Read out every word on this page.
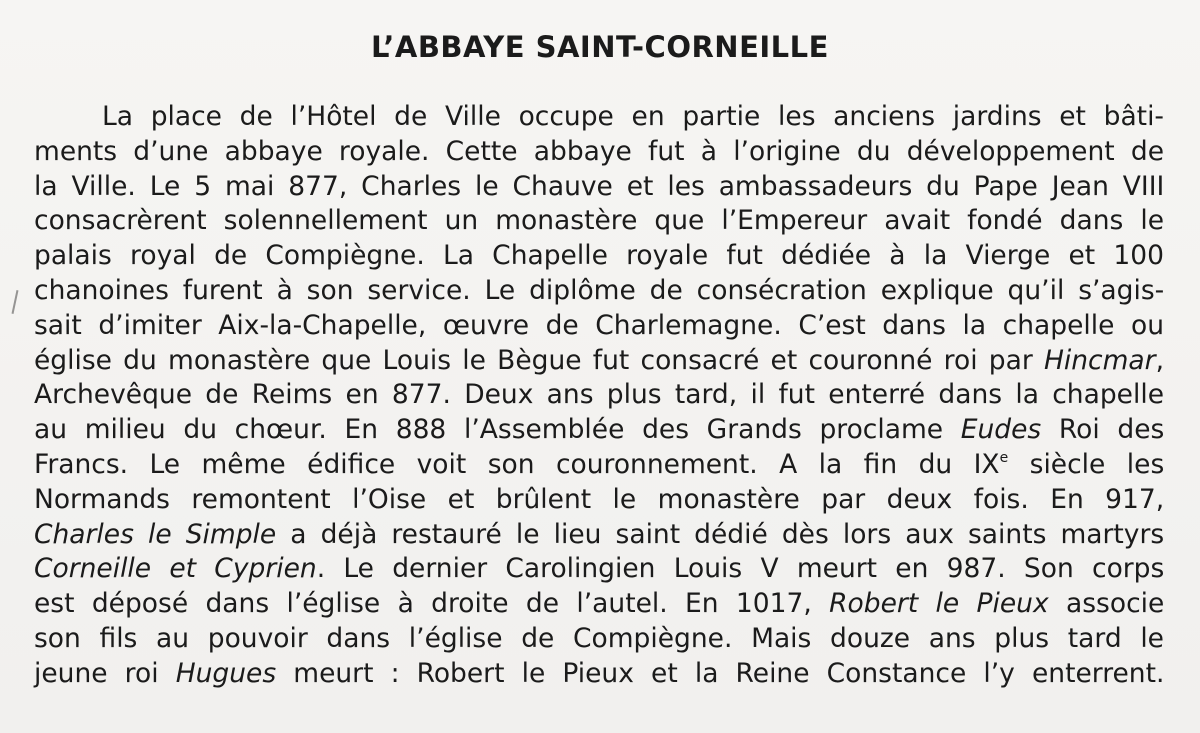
L’ABBAYE SAINT-CORNEILLE
La place de l’Hôtel de Ville occupe en partie les anciens jardins et bâti-
ments d’une abbaye royale. Cette abbaye fut à l’origine du développement de
la Ville. Le 5 mai 877, Charles le Chauve et les ambassadeurs du Pape Jean VIII
consacrèrent solennellement un monastère que l’Empereur avait fondé dans le
palais royal de Compiègne. La Chapelle royale fut dédiée à la Vierge et 100
chanoines furent à son service. Le diplôme de consécration explique qu’il s’agis-
sait d’imiter Aix-la-Chapelle, œuvre de Charlemagne. C’est dans la chapelle ou
église du monastère que Louis le Bègue fut consacré et couronné roi par Hincmar,
Archevêque de Reims en 877. Deux ans plus tard, il fut enterré dans la chapelle
au milieu du chœur. En 888 l’Assemblée des Grands proclame Eudes Roi des
Francs. Le même édifice voit son couronnement. A la fin du IXe siècle les
Normands remontent l’Oise et brûlent le monastère par deux fois. En 917,
Charles le Simple a déjà restauré le lieu saint dédié dès lors aux saints martyrs
Corneille et Cyprien. Le dernier Carolingien Louis V meurt en 987. Son corps
est déposé dans l’église à droite de l’autel. En 1017, Robert le Pieux associe
son fils au pouvoir dans l’église de Compiègne. Mais douze ans plus tard le
jeune roi Hugues meurt : Robert le Pieux et la Reine Constance l’y enterrent.
